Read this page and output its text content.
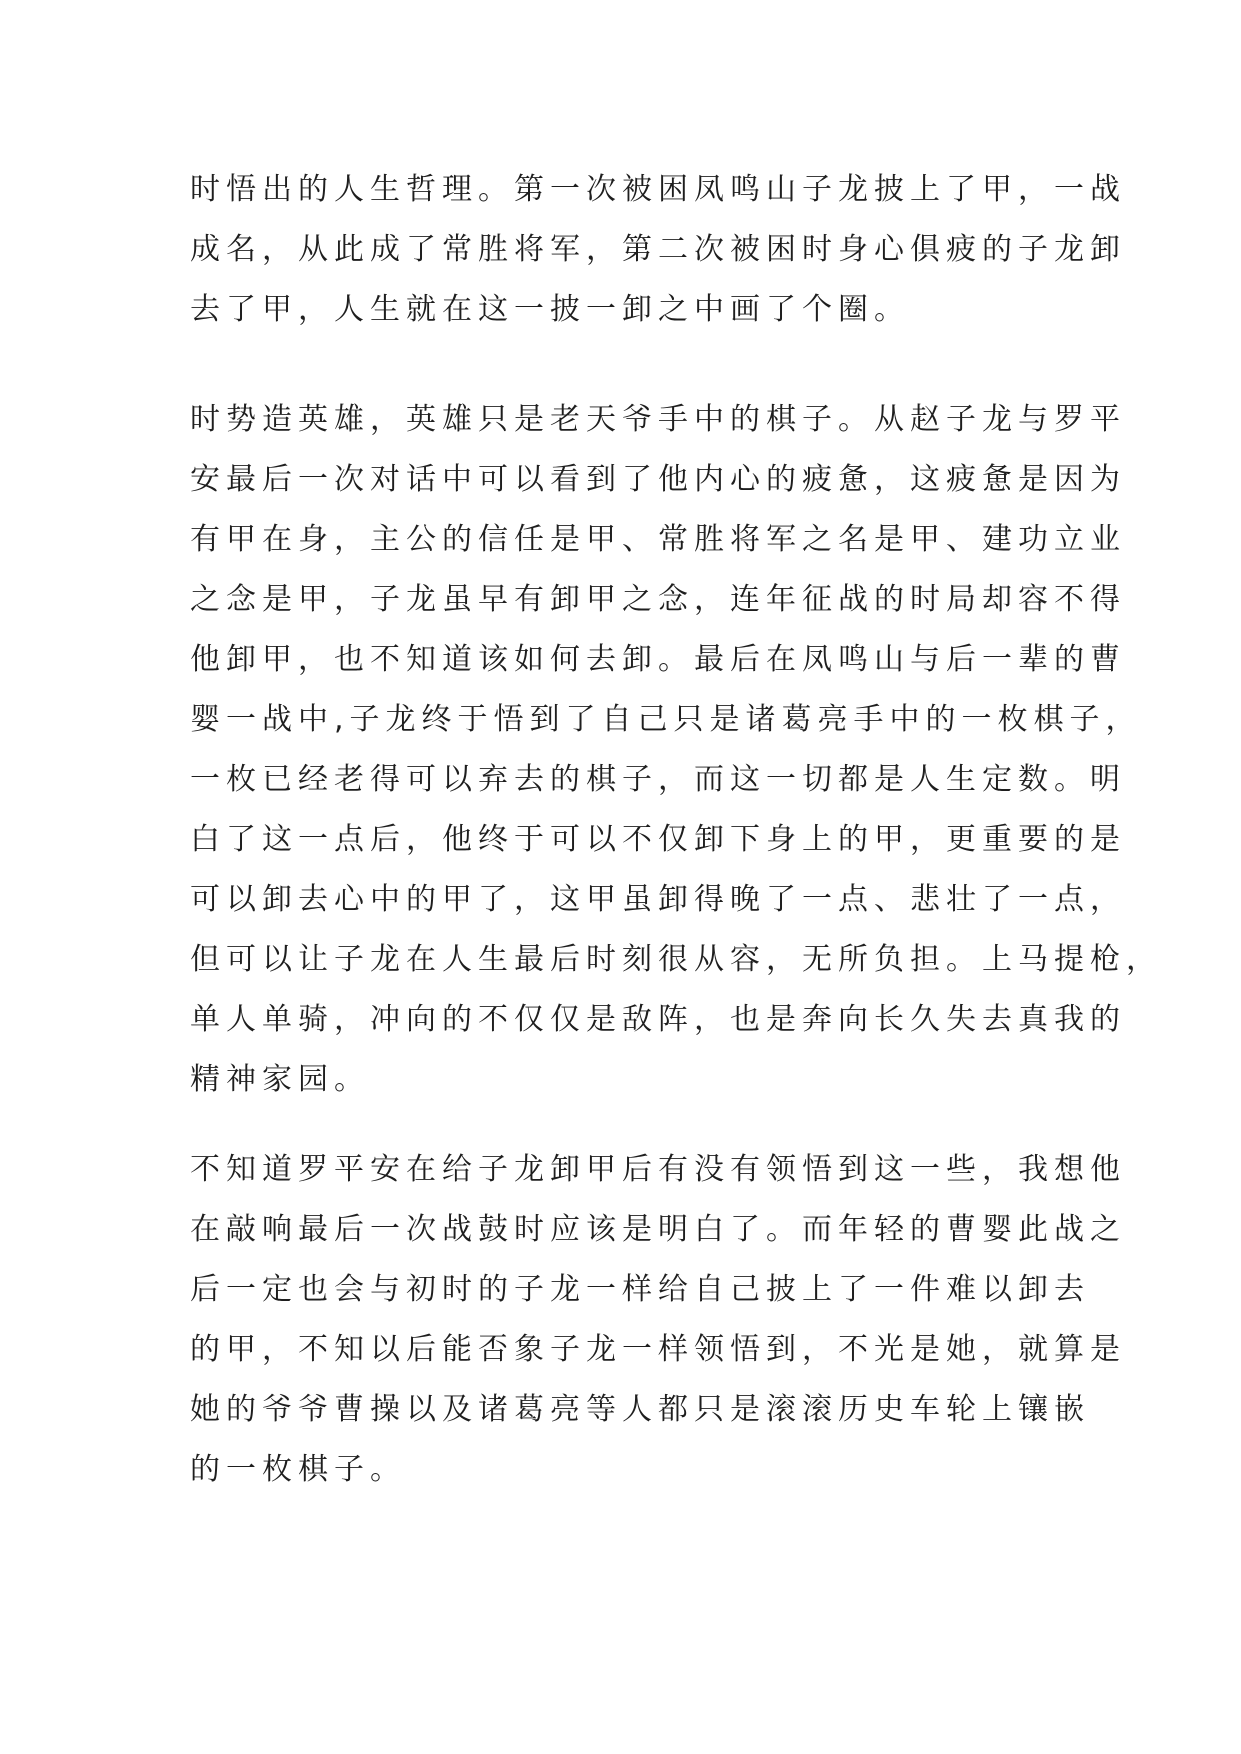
时悟出的人生哲理。第一次被困凤鸣山子龙披上了甲，一战
成名，从此成了常胜将军，第二次被困时身心俱疲的子龙卸
去了甲，人生就在这一披一卸之中画了个圈。
时势造英雄，英雄只是老天爷手中的棋子。从赵子龙与罗平
安最后一次对话中可以看到了他内心的疲惫，这疲惫是因为
有甲在身，主公的信任是甲、常胜将军之名是甲、建功立业
之念是甲，子龙虽早有卸甲之念，连年征战的时局却容不得
他卸甲，也不知道该如何去卸。最后在凤鸣山与后一辈的曹
婴一战中,子龙终于悟到了自己只是诸葛亮手中的一枚棋子，
一枚已经老得可以弃去的棋子，而这一切都是人生定数。明
白了这一点后，他终于可以不仅卸下身上的甲，更重要的是
可以卸去心中的甲了，这甲虽卸得晚了一点、悲壮了一点，
但可以让子龙在人生最后时刻很从容，无所负担。上马提枪，
单人单骑，冲向的不仅仅是敌阵，也是奔向长久失去真我的
精神家园。
不知道罗平安在给子龙卸甲后有没有领悟到这一些，我想他
在敲响最后一次战鼓时应该是明白了。而年轻的曹婴此战之
后一定也会与初时的子龙一样给自己披上了一件难以卸去
的甲，不知以后能否象子龙一样领悟到，不光是她，就算是
她的爷爷曹操以及诸葛亮等人都只是滚滚历史车轮上镶嵌
的一枚棋子。
